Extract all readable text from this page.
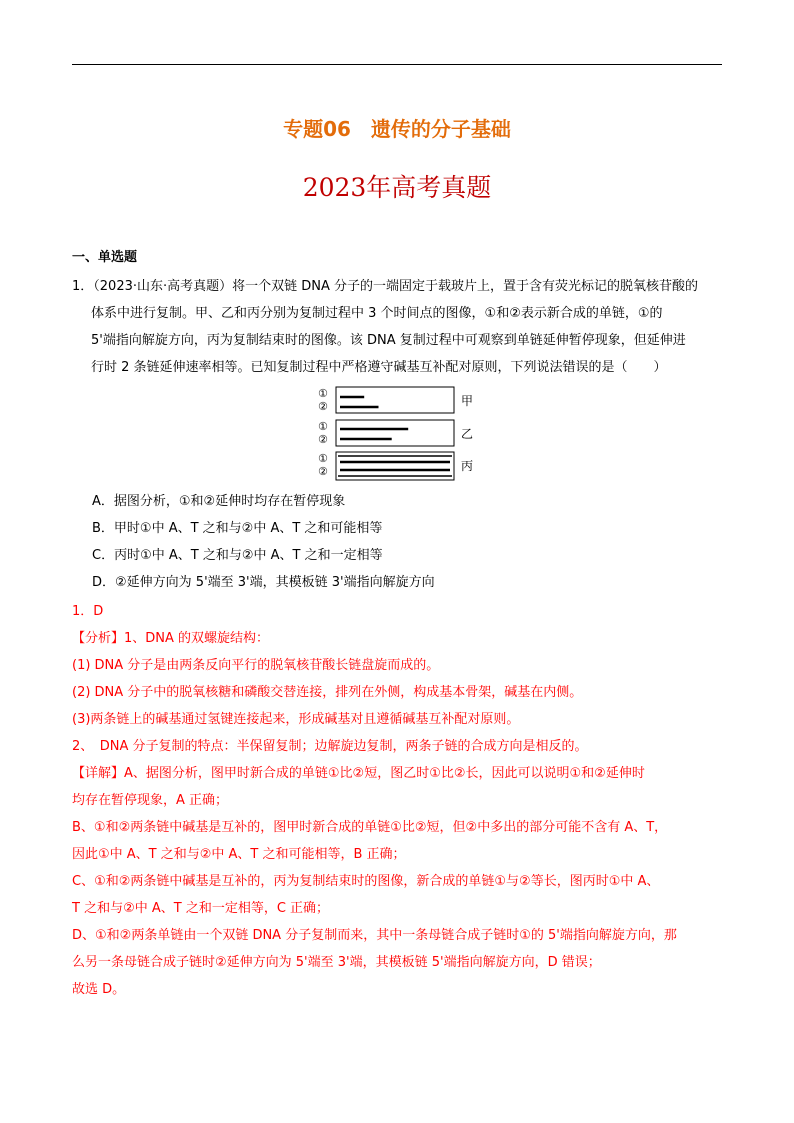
专题06　遗传的分子基础
2023年高考真题
一、单选题
1．（2023·山东·高考真题）将一个双链 DNA 分子的一端固定于载玻片上，置于含有荧光标记的脱氧核苷酸的
体系中进行复制。甲、乙和丙分别为复制过程中 3 个时间点的图像，①和②表示新合成的单链，①的
5'端指向解旋方向，丙为复制结束时的图像。该 DNA 复制过程中可观察到单链延伸暂停现象，但延伸进
行时 2 条链延伸速率相等。已知复制过程中严格遵守碱基互补配对原则，下列说法错误的是（　　）
①
②	甲
①
②	乙
①
②	丙
A．据图分析，①和②延伸时均存在暂停现象
B．甲时①中 A、T 之和与②中 A、T 之和可能相等
C．丙时①中 A、T 之和与②中 A、T 之和一定相等
D．②延伸方向为 5'端至 3'端，其模板链 3'端指向解旋方向
1．D
【分析】1、DNA 的双螺旋结构：
(1) DNA 分子是由两条反向平行的脱氧核苷酸长链盘旋而成的。
(2) DNA 分子中的脱氧核糖和磷酸交替连接，排列在外侧，构成基本骨架，碱基在内侧。
(3)两条链上的碱基通过氢键连接起来，形成碱基对且遵循碱基互补配对原则。
2、　DNA 分子复制的特点：半保留复制；边解旋边复制，两条子链的合成方向是相反的。
【详解】A、据图分析，图甲时新合成的单链①比②短，图乙时①比②长，因此可以说明①和②延伸时
均存在暂停现象，A 正确；
B、①和②两条链中碱基是互补的，图甲时新合成的单链①比②短，但②中多出的部分可能不含有 A、T，
因此①中 A、T 之和与②中 A、T 之和可能相等，B 正确；
C、①和②两条链中碱基是互补的，丙为复制结束时的图像，新合成的单链①与②等长，图丙时①中 A、
T 之和与②中 A、T 之和一定相等，C 正确；
D、①和②两条单链由一个双链 DNA 分子复制而来，其中一条母链合成子链时①的 5'端指向解旋方向，那
么另一条母链合成子链时②延伸方向为 5'端至 3'端，其模板链 5'端指向解旋方向，D 错误；
故选 D。
